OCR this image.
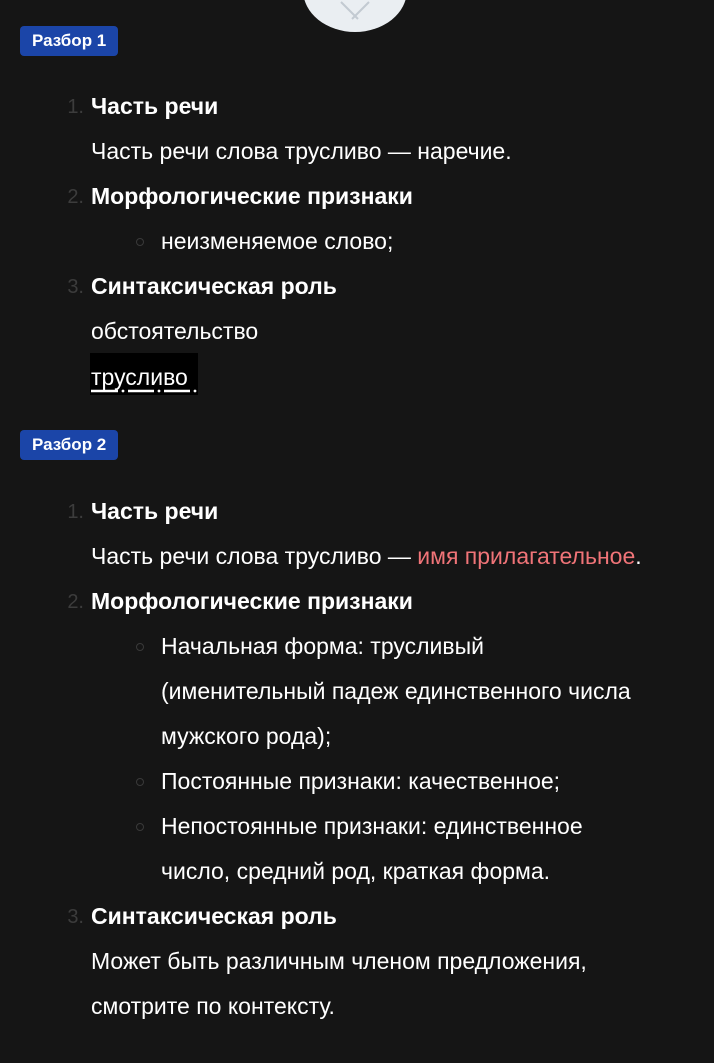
Разбор 1
1. Часть речи
Часть речи слова трусливо — наречие.
2. Морфологические признаки
неизменяемое слово;
3. Синтаксическая роль
обстоятельство
трусливо
Разбор 2
1. Часть речи
Часть речи слова трусливо — имя прилагательное.
2. Морфологические признаки
Начальная форма: трусливый
(именительный падеж единственного числа
мужского рода);
Постоянные признаки: качественное;
Непостоянные признаки: единственное
число, средний род, краткая форма.
3. Синтаксическая роль
Может быть различным членом предложения,
смотрите по контексту.
